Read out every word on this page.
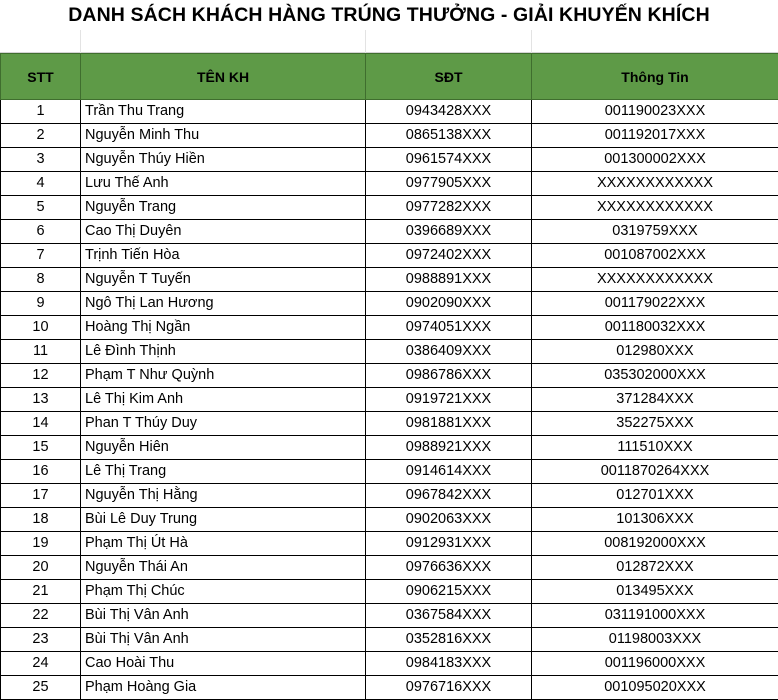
DANH SÁCH KHÁCH HÀNG TRÚNG THƯỞNG - GIẢI KHUYẾN KHÍCH
STT	TÊN KH	SĐT	Thông Tin
1	Trần Thu Trang	0943428XXX	001190023XXX
2	Nguyễn Minh Thu	0865138XXX	001192017XXX
3	Nguyễn Thúy Hiền	0961574XXX	001300002XXX
4	Lưu Thế Anh	0977905XXX	XXXXXXXXXXXX
5	Nguyễn Trang	0977282XXX	XXXXXXXXXXXX
6	Cao Thị Duyên	0396689XXX	0319759XXX
7	Trịnh Tiến Hòa	0972402XXX	001087002XXX
8	Nguyễn T Tuyến	0988891XXX	XXXXXXXXXXXX
9	Ngô Thị Lan Hương	0902090XXX	001179022XXX
10	Hoàng Thị Ngần	0974051XXX	001180032XXX
11	Lê Đình Thịnh	0386409XXX	012980XXX
12	Phạm T Như Quỳnh	0986786XXX	035302000XXX
13	Lê Thị Kim Anh	0919721XXX	371284XXX
14	Phan T Thúy Duy	0981881XXX	352275XXX
15	Nguyễn Hiên	0988921XXX	111510XXX
16	Lê Thị Trang	0914614XXX	0011870264XXX
17	Nguyễn Thị Hằng	0967842XXX	012701XXX
18	Bùi Lê Duy Trung	0902063XXX	101306XXX
19	Phạm Thị Út Hà	0912931XXX	008192000XXX
20	Nguyễn Thái An	0976636XXX	012872XXX
21	Phạm Thị Chúc	0906215XXX	013495XXX
22	Bùi Thị Vân Anh	0367584XXX	031191000XXX
23	Bùi Thị Vân Anh	0352816XXX	01198003XXX
24	Cao Hoài Thu	0984183XXX	001196000XXX
25	Phạm Hoàng Gia	0976716XXX	001095020XXX
